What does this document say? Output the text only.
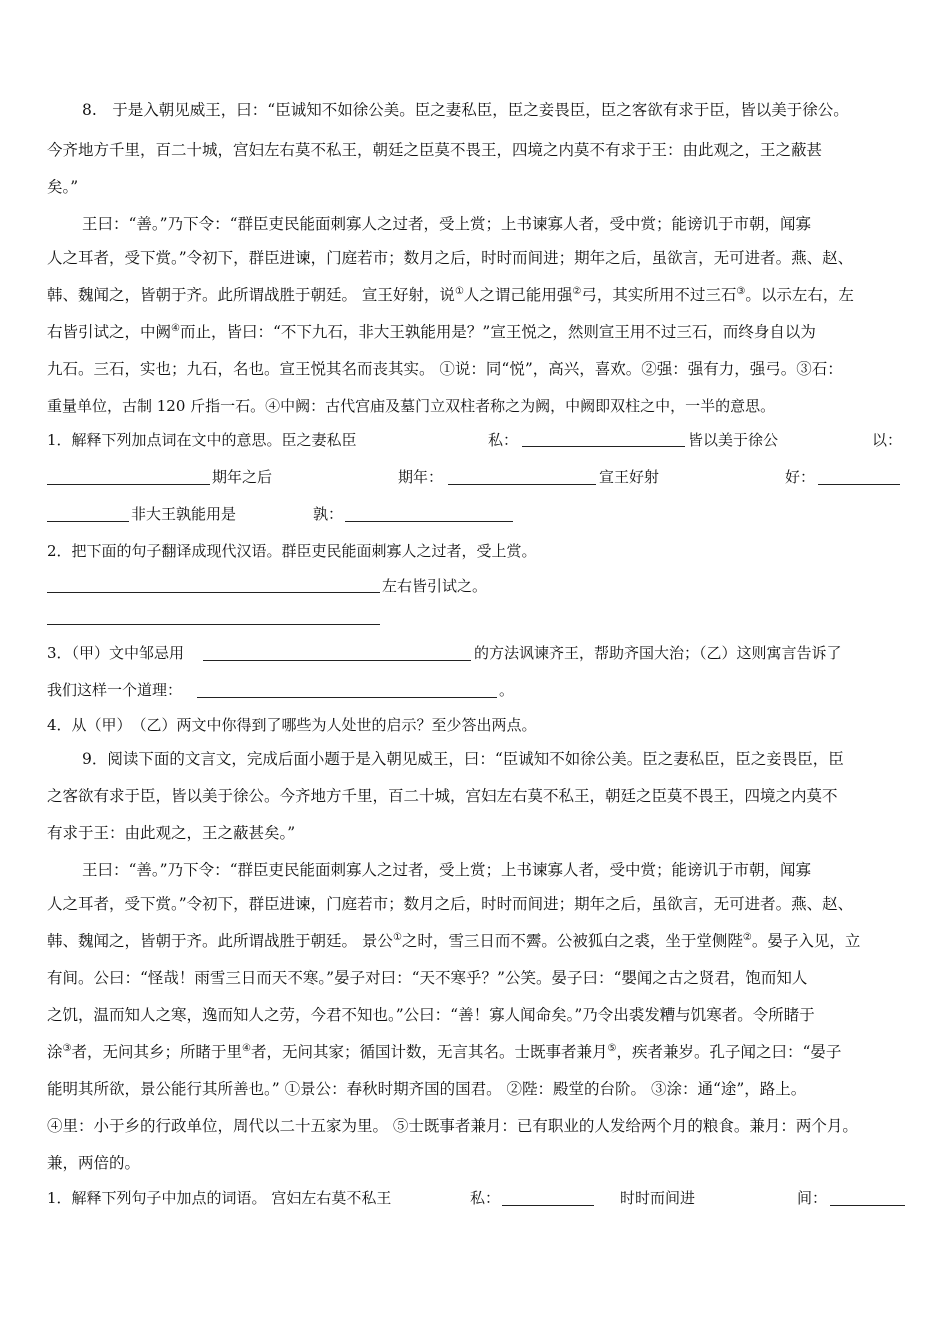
8.　于是入朝见威王，曰：“臣诚知不如徐公美。臣之妻私臣，臣之妾畏臣，臣之客欲有求于臣，皆以美于徐公。
今齐地方千里，百二十城，宫妇左右莫不私王，朝廷之臣莫不畏王，四境之内莫不有求于王：由此观之，王之蔽甚
矣。”
王曰：“善。”乃下令：“群臣吏民能面刺寡人之过者，受上赏；上书谏寡人者，受中赏；能谤讥于市朝，闻寡
人之耳者，受下赏。”令初下，群臣进谏，门庭若市；数月之后，时时而间进；期年之后，虽欲言，无可进者。燕、赵、
韩、魏闻之，皆朝于齐。此所谓战胜于朝廷。 宣王好射，说①人之谓己能用强②弓，其实所用不过三石③。以示左右，左
右皆引试之，中阙④而止，皆曰：“不下九石，非大王孰能用是？”宣王悦之，然则宣王用不过三石，而终身自以为
九石。三石，实也；九石，名也。宣王悦其名而丧其实。 ①说：同“悦”，高兴，喜欢。②强：强有力，强弓。③石：
重量单位，古制 120 斤指一石。④中阙：古代宫庙及墓门立双柱者称之为阙，中阙即双柱之中，一半的意思。
1．解释下列加点词在文中的意思。臣之妻私臣	私：	皆以美于徐公	以：
期年之后	期年：	宣王好射	好：
非大王孰能用是	孰：
2．把下面的句子翻译成现代汉语。群臣吏民能面刺寡人之过者，受上赏。
左右皆引试之。
3．（甲）文中邹忌用	的方法讽谏齐王，帮助齐国大治；（乙）这则寓言告诉了
我们这样一个道理：	。
4．从（甲）　（乙）两文中你得到了哪些为人处世的启示？至少答出两点。
9．阅读下面的文言文，完成后面小题于是入朝见威王，曰：“臣诚知不如徐公美。臣之妻私臣，臣之妾畏臣，臣
之客欲有求于臣，皆以美于徐公。今齐地方千里，百二十城，宫妇左右莫不私王，朝廷之臣莫不畏王，四境之内莫不
有求于王：由此观之，王之蔽甚矣。”
王曰：“善。”乃下令：“群臣吏民能面刺寡人之过者，受上赏；上书谏寡人者，受中赏；能谤讥于市朝，闻寡
人之耳者，受下赏。”令初下，群臣进谏，门庭若市；数月之后，时时而间进；期年之后，虽欲言，无可进者。燕、赵、
韩、魏闻之，皆朝于齐。此所谓战胜于朝廷。 景公①之时，雪三日而不霽。公被狐白之裘，坐于堂侧陛②。晏子入见，立
有间。公曰：“怪哉！雨雪三日而天不寒。”晏子对曰：“天不寒乎？”公笑。晏子曰：“嬰闻之古之贤君，饱而知人
之饥，温而知人之寒，逸而知人之劳，今君不知也。”公曰：“善！寡人闻命矣。”乃令出裘发糟与饥寒者。令所睹于
涂③者，无问其乡；所睹于里④者，无问其家；循国计数，无言其名。士既事者兼月⑤，疾者兼岁。孔子闻之曰：“晏子
能明其所欲，景公能行其所善也。” ①景公：春秋时期齐国的国君。 ②陛：殿堂的台阶。 ③涂：通“途”，路上。
④里：小于乡的行政单位，周代以二十五家为里。 ⑤士既事者兼月：已有职业的人发给两个月的粮食。兼月：两个月。
兼，两倍的。
1．解释下列句子中加点的词语。 宫妇左右莫不私王	私：	时时而间进	间：
